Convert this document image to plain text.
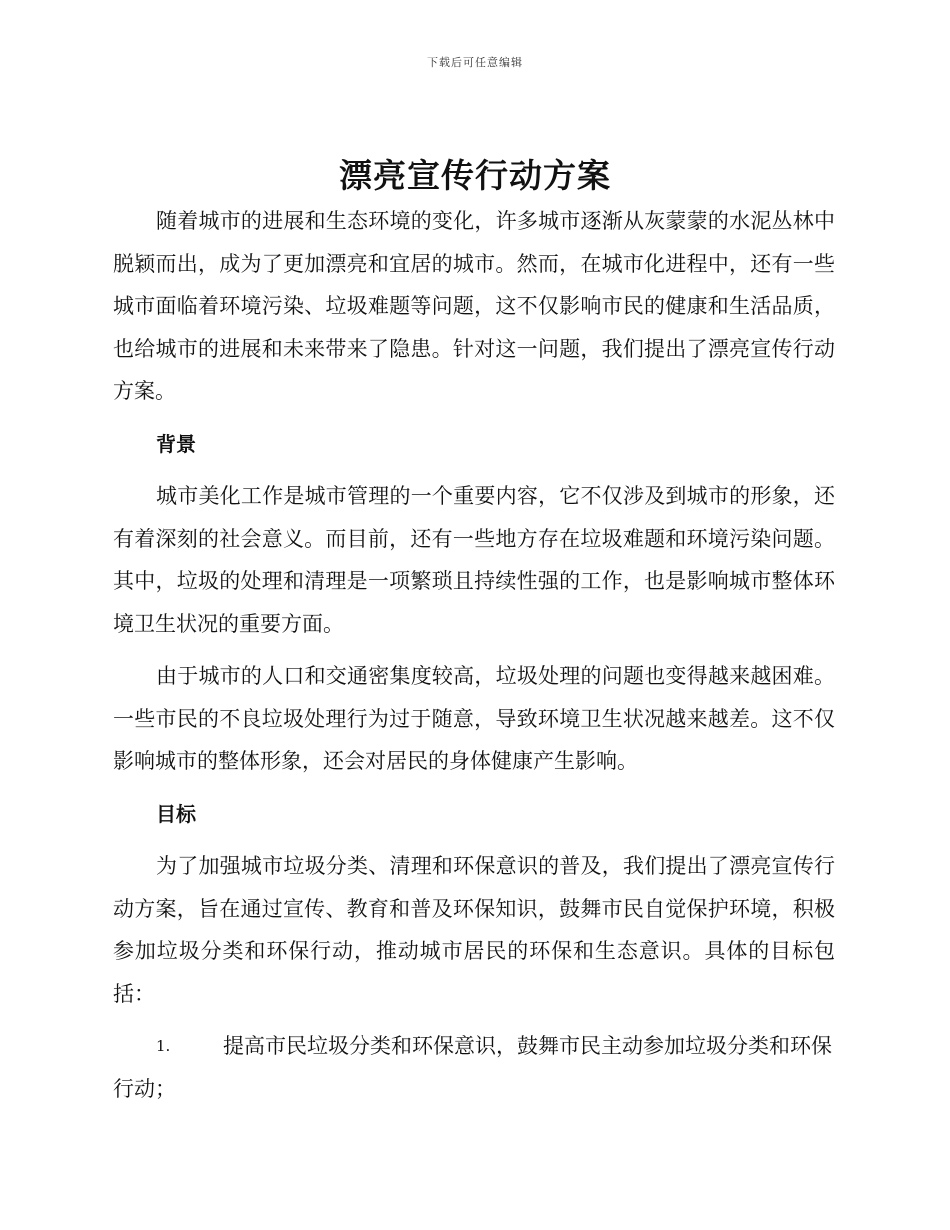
下载后可任意编辑
漂亮宣传行动方案

随着城市的进展和生态环境的变化，许多城市逐渐从灰蒙蒙的水泥丛林中脱颖而出，成为了更加漂亮和宜居的城市。然而，在城市化进程中，还有一些城市面临着环境污染、垃圾难题等问题，这不仅影响市民的健康和生活品质，也给城市的进展和未来带来了隐患。针对这一问题，我们提出了漂亮宣传行动方案。

背景

城市美化工作是城市管理的一个重要内容，它不仅涉及到城市的形象，还有着深刻的社会意义。而目前，还有一些地方存在垃圾难题和环境污染问题。其中，垃圾的处理和清理是一项繁琐且持续性强的工作，也是影响城市整体环境卫生状况的重要方面。

由于城市的人口和交通密集度较高，垃圾处理的问题也变得越来越困难。一些市民的不良垃圾处理行为过于随意，导致环境卫生状况越来越差。这不仅影响城市的整体形象，还会对居民的身体健康产生影响。

目标

为了加强城市垃圾分类、清理和环保意识的普及，我们提出了漂亮宣传行动方案，旨在通过宣传、教育和普及环保知识，鼓舞市民自觉保护环境，积极参加垃圾分类和环保行动，推动城市居民的环保和生态意识。具体的目标包括：

1.	提高市民垃圾分类和环保意识，鼓舞市民主动参加垃圾分类和环保行动；
